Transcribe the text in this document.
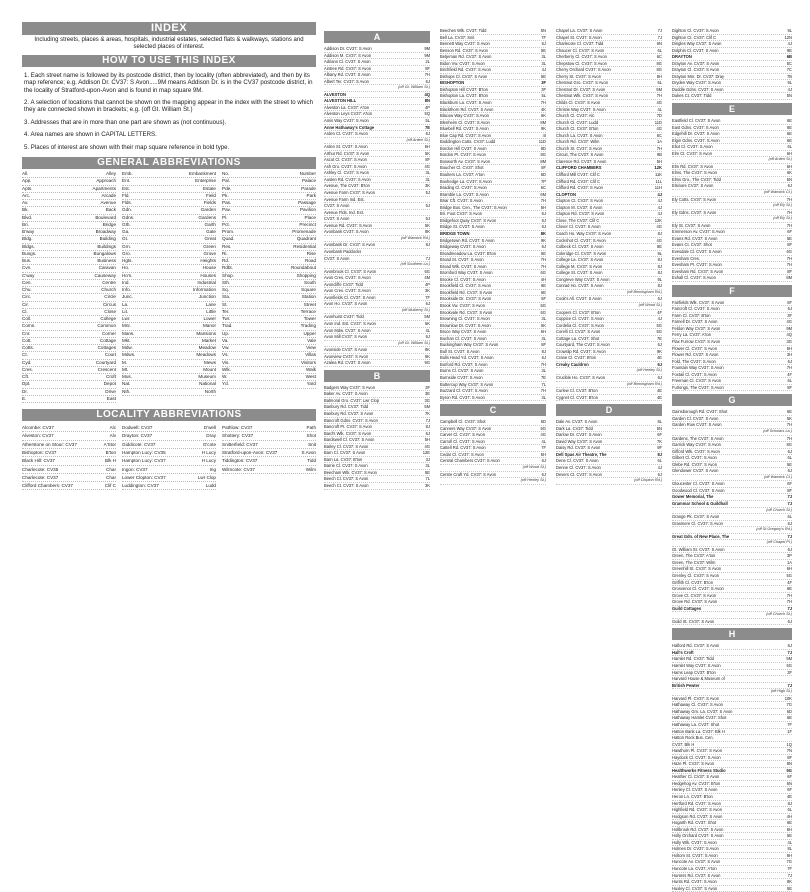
INDEX

Including streets, places & areas, hospitals, industrial estates, selected flats & walkways, stations and selected places of interest.

HOW TO USE THIS INDEX

1. Each street name is followed by its postcode district, then by locality (often abbreviated), and then by its map reference; e.g. Addison Dr. CV37: S Avon.....9M means Addison Dr. is in the CV37 postcode district, in the locality of Stratford-upon-Avon and is found in map square 9M.

2. A selection of locations that cannot be shown on the mapping appear in the index with the street to which they are connected shown in brackets; e.g. (off Gt. William St.)

3. Addresses that are in more than one part are shown as (not continuous).

4. Area names are shown in CAPITAL LETTERS.

5. Places of interest are shown with their map square reference in bold type.

GENERAL ABBREVIATIONS
All.	Alley
App.	Approach
Apts.	Apartments
Arc.	Arcade
Av.	Avenue
Bk.	Back
Blvd.	Boulevard
Bri.	Bridge
B'way	Broadway
Bldg.	Building
Bldgs.	Buildings
Bungs.	Bungalows
Bus.	Business
Cvn.	Caravan
C'way	Causeway
Cen.	Centre
Chu.	Church
Circ.	Circle
Cir.	Circus
Cl.	Close
Coll.	College
Comn.	Common
Cnr.	Corner
Cott.	Cottage
Cotts.	Cottages
Ct.	Court
Cyd.	Courtyard
Cres.	Crescent
Cft.	Croft
Dpt.	Depot
Dr.	Drive
E.	East
Emb.	Embankment
Ent.	Enterprise
Est.	Estate
Fld.	Field
Flds.	Fields
Gdn.	Garden
Gdns.	Gardens
Gth.	Garth
Ga.	Gate
Gt.	Great
Grn.	Green
Gro.	Grove
Hgts.	Heights
Ho.	House
Ho's.	Houses
Ind.	Industrial
Info.	Information
Junc.	Junction
La.	Lane
Lit.	Little
Lwr.	Lower
Mnr.	Manor
Mans.	Mansions
Mkt.	Market
Mdw.	Meadow
Mdws.	Meadows
M.	Mews
Mt.	Mount
Mus.	Museum
Nat.	National
Nth.	North
No.	Number
Pal.	Palace
Pde.	Parade
Pk.	Park
Pas.	Passage
Pav.	Pavilion
Pl.	Place
Pct.	Precinct
Prom.	Promenade
Quad.	Quadrant
Res.	Residential
Ri.	Rise
Rd.	Road
Rdbt.	Roundabout
Shop.	Shopping
Sth.	South
Sq.	Square
Sta.	Station
St.	Street
Ter.	Terrace
Twr.	Tower
Trad.	Trading
Up.	Upper
Va.	Vale
Vw.	View
Vs.	Villas
Vis.	Visitors
Wlk.	Walk
W.	West
Yd.	Yard
LOCALITY ABBREVIATIONS
Alcombe: CV37	Alc
Alveston: CV37	Alv
Atherstone on Stour: CV37	A'Stor
Bishopton: CV37	B'ton
Black Hill: CV37	Blk H
Charlecote: CV35	Char
Charlecote: CV37	Char
Clifford Chambers: CV37	Clif C
Dodwell: CV37	D'well
Drayton: CV37	Dray
Giddicote: CV37	G'cote
Hampton Lucy: CV35	H Lucy
Hampton Lucy: CV37	H Lucy
Ingon: CV37	Ing
Lower Clopton: CV37	Lwr Clop
Luddington: CV37	Ludd
Pathlow: CV37	Path
Shottery: CV37	Shot
Snitterfield: CV37	Snit
Stratford-upon-Avon: CV37	S Avon
Tiddington: CV37	Tidd
Wilmcote: CV37	Wilm
A
Addison Dr. CV37: S Avon	9M
Addison M. CV37: S Avon	9M
Adrians Cl. CV37: S Avon	2L
Aintree Rd. CV37: S Avon	8F
Albany Rd. CV37: S Avon	7H
Albert Ter. CV37: S Avon	6J
(off Gt. William St.)
ALVESTON	4Q
ALVESTON HILL	8N
Alveston La. CV37: A'ton	4P
Alveston Leys CV37: A'ton	5Q
Amis Way CV37: S Avon	5L
Anne Hathaway's Cottage	7E
Arden Ct. CV37: S Avon	6J
(off Arden St.)
Arden St. CV37: S Avon	6H
Arthur Rd. CV37: S Avon	5K
Ascot Cl. CV37: S Avon	8F
Ash Gro. CV37: S Avon	4G
Ashley Cl. CV37: S Avon	3L
Austen Rd. CV37: S Avon	3L
Avenue, The CV37: B'ton	3K
Avenue Farm CV37: S Avon	5J
Avenue Farm Ind. Est.
CV37: S Avon	5J
Avenue Flds. Ind. Est.
CV37: S Avon	5J
Avenue Rd. CV37: S Avon	5K
Avonbank CV37: S Avon	8K
(off Warwick Rd.)
Avonbank Dr. CV37: S Avon	8J
Avonbank Paddocks
CV37: S Avon	7J
(off Southern La.)
Avonbrook Cl. CV37: S Avon	6G
Avon Cres. CV37: S Avon	4M
Avoncliffe CV37: Tidd	4P
Avon Cres. CV37: S Avon	3K
Avonfields Cl. CV37: S Avon	7F
Avon Ho. CV37: S Avon	6J
(off Mulberry St.)
Avonhurst CV37: Tidd	5M
Avon Ind. Est. CV37: S Avon	5K
Avon Mdw. CV37: S Avon	4L
Avon Mill CV37: S Avon	6J
(off Gt. William St.)
Avonside CV37: S Avon	8K
Avonview CV37: S Avon	6K
Azalea Rd. CV37: S Avon	9G
B
Badgers Way CV37: S Avon	3F
Baker Av. CV37: S Avon	3E
Balmoral Gro. CV37: Lwr Clop	3G
Banbury Rd. CV37: Tidd	5M
Banbury Rd. CV37: S Avon	7K
Bancroft Gdns. CV37: S Avon	7J
Bancroft PI. CV37: S Avon	8J
Bard's Wlk. CV37: S Avon	6J
Bardswell Cl. CV37: S Avon	5H
Barley Cl. CV37: S Avon	4G
Barn Cl. CV37: S Avon	12E
Barn La. CV37: B'ton	3J
Barrie Cl. CV37: S Avon	3L
Beecham Wlk. CV37: S Avon	5E
Beech Cl. CV37: S Avon	7L
Beech Ct. CV37: S Avon	3K
Beeches Wlk. CV37: Tidd	5N
Bell La. CV37: Snit	7F
Bennett Way CV37: S Avon	6J
Benson Rd. CV37: S Avon	5E
Betjeman Rd. CV37: S Avon	3L
Bidon Vw. CV37: S Avon	3L
Birchfield Rd. CV37: S Avon	4J
Bishops Cl. CV37: S Avon	5E
BISHOPTON	3F
Bishopton Hill CV37: B'ton	3F
Bishopton La. CV37: B'ton	5L
Blackburn La. CV37: S Avon	7H
Blackthorn Rd. CV37: S Avon	4K
Blacow Way CV37: S Avon	6K
Blenheim Cl. CV37: S Avon	8M
Bluebell Rd. CV37: S Avon	9K
Blue Cap Rd. CV37: S Avon	4I
Boddington Cotts. CV37: Ludd	11D
Bordon Hill CV37: S Avon	8D
Bordon PI. CV37: S Avon	8G
Bosworth Av. CV37: S Avon	8M
Boucher Cl. CV37: Shot	8F
Boulters La. CV37: A'ton	6D
Boxhedge La. CV37: S Avon	7P
Brading Cl. CV37: S Avon	6C
Bramble La. CV37: S Avon	6M
Briar Cft. CV37: S Avon	7H
Bridge Bus. Cen., The CV37: S Avon	5H
Bri. Foot CV37: S Avon	6J
Bridgefoot Quay CV37: S Avon	6J
Bridge St. CV37: S Avon	6J
BRIDGE TOWN	8K
Bridgetown Rd. CV37: S Avon	9K
Bridgeway CV37: S Avon	6J
Broadmeadow La. CV37: B'ton	5E
Broad St. CV37: S Avon	7H
Broad Wlk. CV37: S Avon	7H
Bromford Way CV37: S Avon	6G
Brooke Cl. CV37: S Avon	4H
Brookfield Cl. CV37: S Avon	6E
Brookfield Rd. CV37: S Avon	6E
Brookside Dr. CV37: S Avon	5F
Brook Vw. CV37: S Avon	5G
Brookvale Rd. CV37: S Avon	6G
Browning Cl. CV37: S Avon	3L
Brownlow Dr. CV37: S Avon	5K
Bruce Way CV37: S Avon	6H
Buchan Cl. CV37: S Avon	3L
Buckingham Way CV37: S Avon	8F
Bull St. CV37: S Avon	8J
Bulls Head Yd. CV37: S Avon	6J
Burford Rd. CV37: S Avon	7H
Burns Cl. CV37: S Avon	3L
Burnside CV37: S Avon	7E
Buttercup Way CV37: S Avon	7L
Buzzard Cl. CV37: S Avon	7H
Byron Rd. CV37: S Avon	3L
C
Campbell Cl. CV37: Shot	6D
Canners Way CV37: S Avon	5G
Carver Cl. CV37: S Avon	4G
Carroll Cl. CV37: S Avon	4L
Cattell Rd. CV37: S Avon	7F
Cedar Cl. CV37: S Avon	5H
Central Chambers CV37: S Avon	6J
(off Wood St.)
Centre Craft Yd. CV37: S Avon	6J
(off Henley St.)
Chapel La. CV37: S Avon	7J
Chapel St. CV37: S Avon	7J
Charlecote Cl. CV37: Tidd	6N
Chaucer Cl. CV37: S Avon	6L
Cherberry Cl. CV37: S Avon	6C
Chepstow Cl. CV37: S Avon	8G
Cherry Orchard CV37: S Avon	8G
Cherry St. CV37: S Avon	8H
Chestnut Gro. CV37: S Avon	5L
Chestnut Dr. CV37: S Avon	5M
Chestnut Wlk. CV37: S Avon	7H
Childs Cl. CV37: S Avon	4G
Christie Way CV37: S Avon	4L
Church Cl. CV37: Alc	7D
Church Cl. CV37: Ludd	11D
Church Ct. CV37: B'ton	4G
Church La. CV37: S Avon	6C
Church Rd. CV37: Wilm	1A
Church St. CV37: S Avon	7H
Circuit, The CV37: S Avon	9B
Clarence Rd. CV37: S Avon	5H
CLIFFORD CHAMBERS	12K
Clifford Mill CV37: Clif C	11K
Clifford Rd. CV37: Clif C	11L
Clifford Rd. CV37: S Avon	11H
CLOPTON	4J
Clopton Ct. CV37: S Avon	4J
Clopton M. CV37: S Avon	4J
Clopton Rd. CV37: S Avon	4J
Close, The CV37: Clif C	12K
Clover Cl. CV37: S Avon	4G
Coach Ho. Way CV37: S Avon	8J
Cockshot Cl. CV37: S Avon	4G
Colbeck Cl. CV37: S Avon	8E
Coleridge Cl. CV37: S Avon	9L
College La. CV37: S Avon	8J
College M. CV37: S Avon	8J
College St. CV37: S Avon	8J
Congreve Way CV37: S Avon	9L
Conrad Ho. CV37: S Avon	8J
(off Birmingham Rd.)
Cook's All. CV37: S Avon	6J
(off Wood St.)
Coopers Cl. CV37: B'ton	4F
Coppice Cl. CV37: S Avon	4J
Cordelia Cl. CV37: S Avon	5G
Corelli Cl. CV37: S Avon	5G
Cottage La. CV37: Shot	7E
Courtyard, The CV37: S Avon	6J
Crowslip Rd. CV37: S Avon	9K
Crane Cl. CV37: B'ton	4E
Creaky Cauldron	6J
(off Henley St.)
Crucible Ho. CV37: S Avon	6J
(off Birmingham Rd.)
Curlew Cl. CV37: B'ton	4E
Cygnet Cl. CV37: B'ton	4E
D
Dale Av. CV37: S Avon	8L
Dark La. CV37: Tidd	5N
Darlow Dr. CV37: S Avon	6F
David Way CV37: S Avon	7K
Daisy Rd. CV37: S Avon	9F
Dell Spas Air Theatre, The	8J
Dene Cl. CV37: S Avon	6L
Denne Cl. CV37: S Avon	4J
Devers Ct. CV37: S Avon	6J
(off Clopton Rd.)
Dighton Cl. CV37: S Avon	9L
Dighton Ct. CV37: Clif C	12N
Dingles Way CV37: S Avon	4J
Dolphin Cl. CV37: S Avon	9E
DRAYTON	6B
Drayton Av. CV37: S Avon	5C
Drayton Cl. CV37: S Avon	7C
Drayton Mnr. Dr. CV37: Dray	7B
Dryden Way CV37: S Avon	9L
Duddle Gdns. CV37: S Avon	4J
Dukes Ct. CV37: Tidd	5N
E
Eastfield Cl. CV37: S Avon	6E
East Gdns. CV37: S Avon	6E
Edgehill Dr. CV37: S Avon	6E
Elgin Gdns. CV37: S Avon	6E
Eliot Cl. CV37: S Avon	6L
Elm Ct. CV37: S Avon	6H
(off Arden St.)
Elm Rd. CV37: S Avon	6H
Elms, The CV37: S Avon	6K
Elms Gro., The CV37: Tidd	5N
Elsinore CV37: S Avon	6J
(off Warwick Ct.)
Ely Cotts. CV37: S Avon	7H
(off Ely St.)
Ely Gdns. CV37: S Avon	7H
(off Ely St.)
Ely St. CV37: S Avon	7H
Emmerson Av. CV37: S Avon	6F
Evans Rd. CV37: S Avon	5E
Evans Ct. CV37: Shot	8F
Evesdale Cl. CV37: S Avon	6G
Evesham Cres.	7H
Evesham PI. CV37: S Avon	7H
Evesham Rd. CV37: S Avon	8F
Exhall Cl. CV37: S Avon	8M
F
Fairfields Wlk. CV37: S Avon	6F
Faircroft Cl. CV37: S Avon	6J
Farm Cl. CV37: B'ton	3F
Farnell Dr. CV37: S Avon	4G
Feldon Way CV37: S Avon	9M
Ferry La. CV37: A'ton	4Q
Flax Furrow CV37: S Avon	3G
Flower Cl. CV37: S Avon	5H
Flower Rd. CV37: S Avon	3H
Fold, The CV37: S Avon	6J
Fountain Way CV37: S Avon	7H
Foxtail Cl. CV37: S Avon	4F
Freeman Cl. CV37: S Avon	6L
Furlongs, The CV37: S Avon	8F
G
Gainsborough Rd. CV37: Shot	6E
Garden Cl. CV37: S Avon	5K
Garden Row CV37: S Avon	7H
(off Scholars La.)
Gardens, The CV37: S Avon	7H
Garrick Way CV37: S Avon	8G
Gifford Wlk. CV37: S Avon	6J
Gilbert Cl. CV37: S Avon	6L
Glebe Rd. CV37: S Avon	5E
Glendower CV37: S Avon	6J
(off Warwick Ct.)
Gloucester Cl. CV37: S Avon	6F
Goodwood Cl. CV37: S Avon	8F
Gower Memorial, The	7J
Grammar School & Guildhall	7J
(off Church St.)
Grange Pk. CV37: S Avon	6L
Grasmere Cl. CV37: S Avon	6J
(off St Gregory's Rd.)
Great Gdn. of New Place, The	7J
(off Chapel Pl.)
Gt. William St. CV37: S Avon	6J
Green, The CV37: A'ton	3P
Green, The CV37: Wilm	1A
Greenhill St. CV37: S Avon	6H
Grenley Cl. CV37: S Avon	5G
Griffith Cl. CV37: B'ton	4F
Grosvenor Cl. CV37: S Avon	6E
Grove Ct. CV37: S Avon	7H
Grove Rd. CV37: S Avon	7H
Guild Cottages	7J
(off Church St.)
Guild St. CV37: S Avon	6J
H
Halford Rd. CV37: S Avon	6J
Hall's Croft	7J
Hamlet Rd. CV37: Tidd	5M
Hamlet Way CV37: S Avon	5G
Hams Leap CV37: B'ton	3F
Harvard House & Museum of
British Pewter	7J
(off High St.)
Harvard Pl. CV37: S Avon	10K
Hathaway Cl. CV37: S Avon	7G
Hathaway Gm. La. CV37: S Avon	6D
Hathaway Hamlet CV37: Shot	6E
Hathaway La. CV37: Shot	7F
Hatton Bank La. CV37: Blk H	1F
Hatton Rock Bus. Cen.
CV37: Blk H	1Q
Hawthorn Pl. CV37: S Avon	7N
Haydock Cl. CV37: S Avon	8F
Haze Pl. CV37: S Avon	8N
Healthworks Fitness Studio	5G
Heather Cl. CV37: S Avon	6F
Hedgehog Av. CV37: B'ton	6N
Henley Cl. CV37: S Avon	6F
Heron Ln. CV37: B'ton	4E
Hertford Rd. CV37: S Avon	8J
Highfield Rd. CV37: S Avon	6L
Hodgson Rd. CV37: S Avon	4H
Hogarth Rd. CV37: Shot	6E
Hollbrook Rd. CV37: S Avon	6H
Holly Orchard CV37: S Avon	5E
Holly Wlk. CV37: S Avon	4L
Holmes Dr. CV37: S Avon	8L
Holtom St. CV37: S Avon	8H
Huncote Av. CV37: S Avon	7G
Huncote La. CV37: A'ton	7F
Hunters Rd. CV37: S Avon	7J
Hunts Rd. CV37: S Avon	8K
Huxley Cl. CV37: S Avon	5E
